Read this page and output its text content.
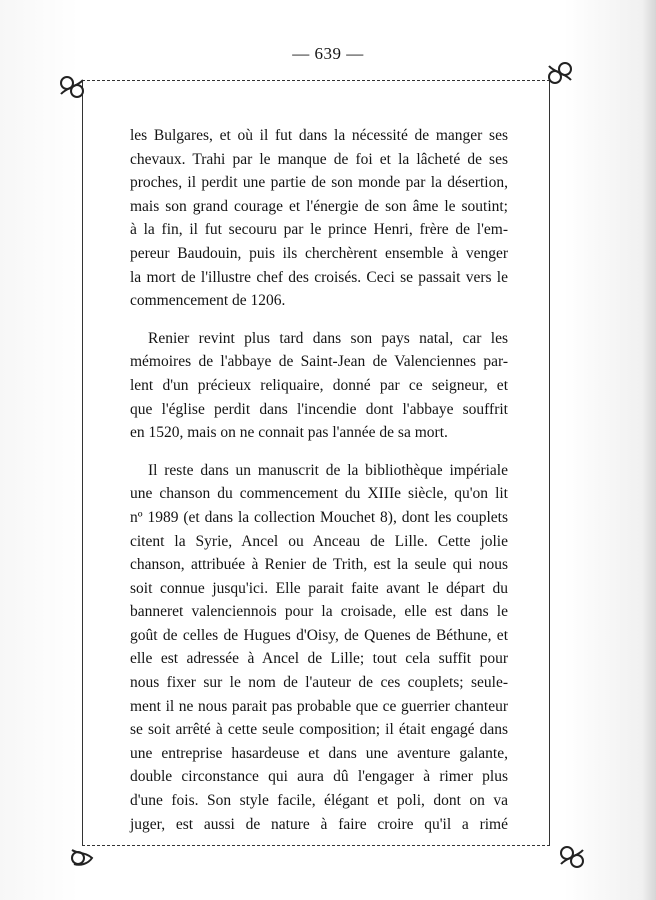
— 639 —

les Bulgares, et où il fut dans la nécessité de manger ses
chevaux. Trahi par le manque de foi et la lâcheté de ses
proches, il perdit une partie de son monde par la désertion,
mais son grand courage et l'énergie de son âme le soutint;
à la fin, il fut secouru par le prince Henri, frère de l'em-
pereur Baudouin, puis ils cherchèrent ensemble à venger
la mort de l'illustre chef des croisés. Ceci se passait vers le
commencement de 1206.

Renier revint plus tard dans son pays natal, car les
mémoires de l'abbaye de Saint-Jean de Valenciennes par-
lent d'un précieux reliquaire, donné par ce seigneur, et
que l'église perdit dans l'incendie dont l'abbaye souffrit
en 1520, mais on ne connait pas l'année de sa mort.

Il reste dans un manuscrit de la bibliothèque impériale
une chanson du commencement du XIIIe siècle, qu'on lit
nº 1989 (et dans la collection Mouchet 8), dont les couplets
citent la Syrie, Ancel ou Anceau de Lille. Cette jolie
chanson, attribuée à Renier de Trith, est la seule qui nous
soit connue jusqu'ici. Elle parait faite avant le départ du
banneret valenciennois pour la croisade, elle est dans le
goût de celles de Hugues d'Oisy, de Quenes de Béthune, et
elle est adressée à Ancel de Lille; tout cela suffit pour
nous fixer sur le nom de l'auteur de ces couplets; seule-
ment il ne nous parait pas probable que ce guerrier chanteur
se soit arrêté à cette seule composition; il était engagé dans
une entreprise hasardeuse et dans une aventure galante,
double circonstance qui aura dû l'engager à rimer plus
d'une fois. Son style facile, élégant et poli, dont on va
juger, est aussi de nature à faire croire qu'il a rimé
